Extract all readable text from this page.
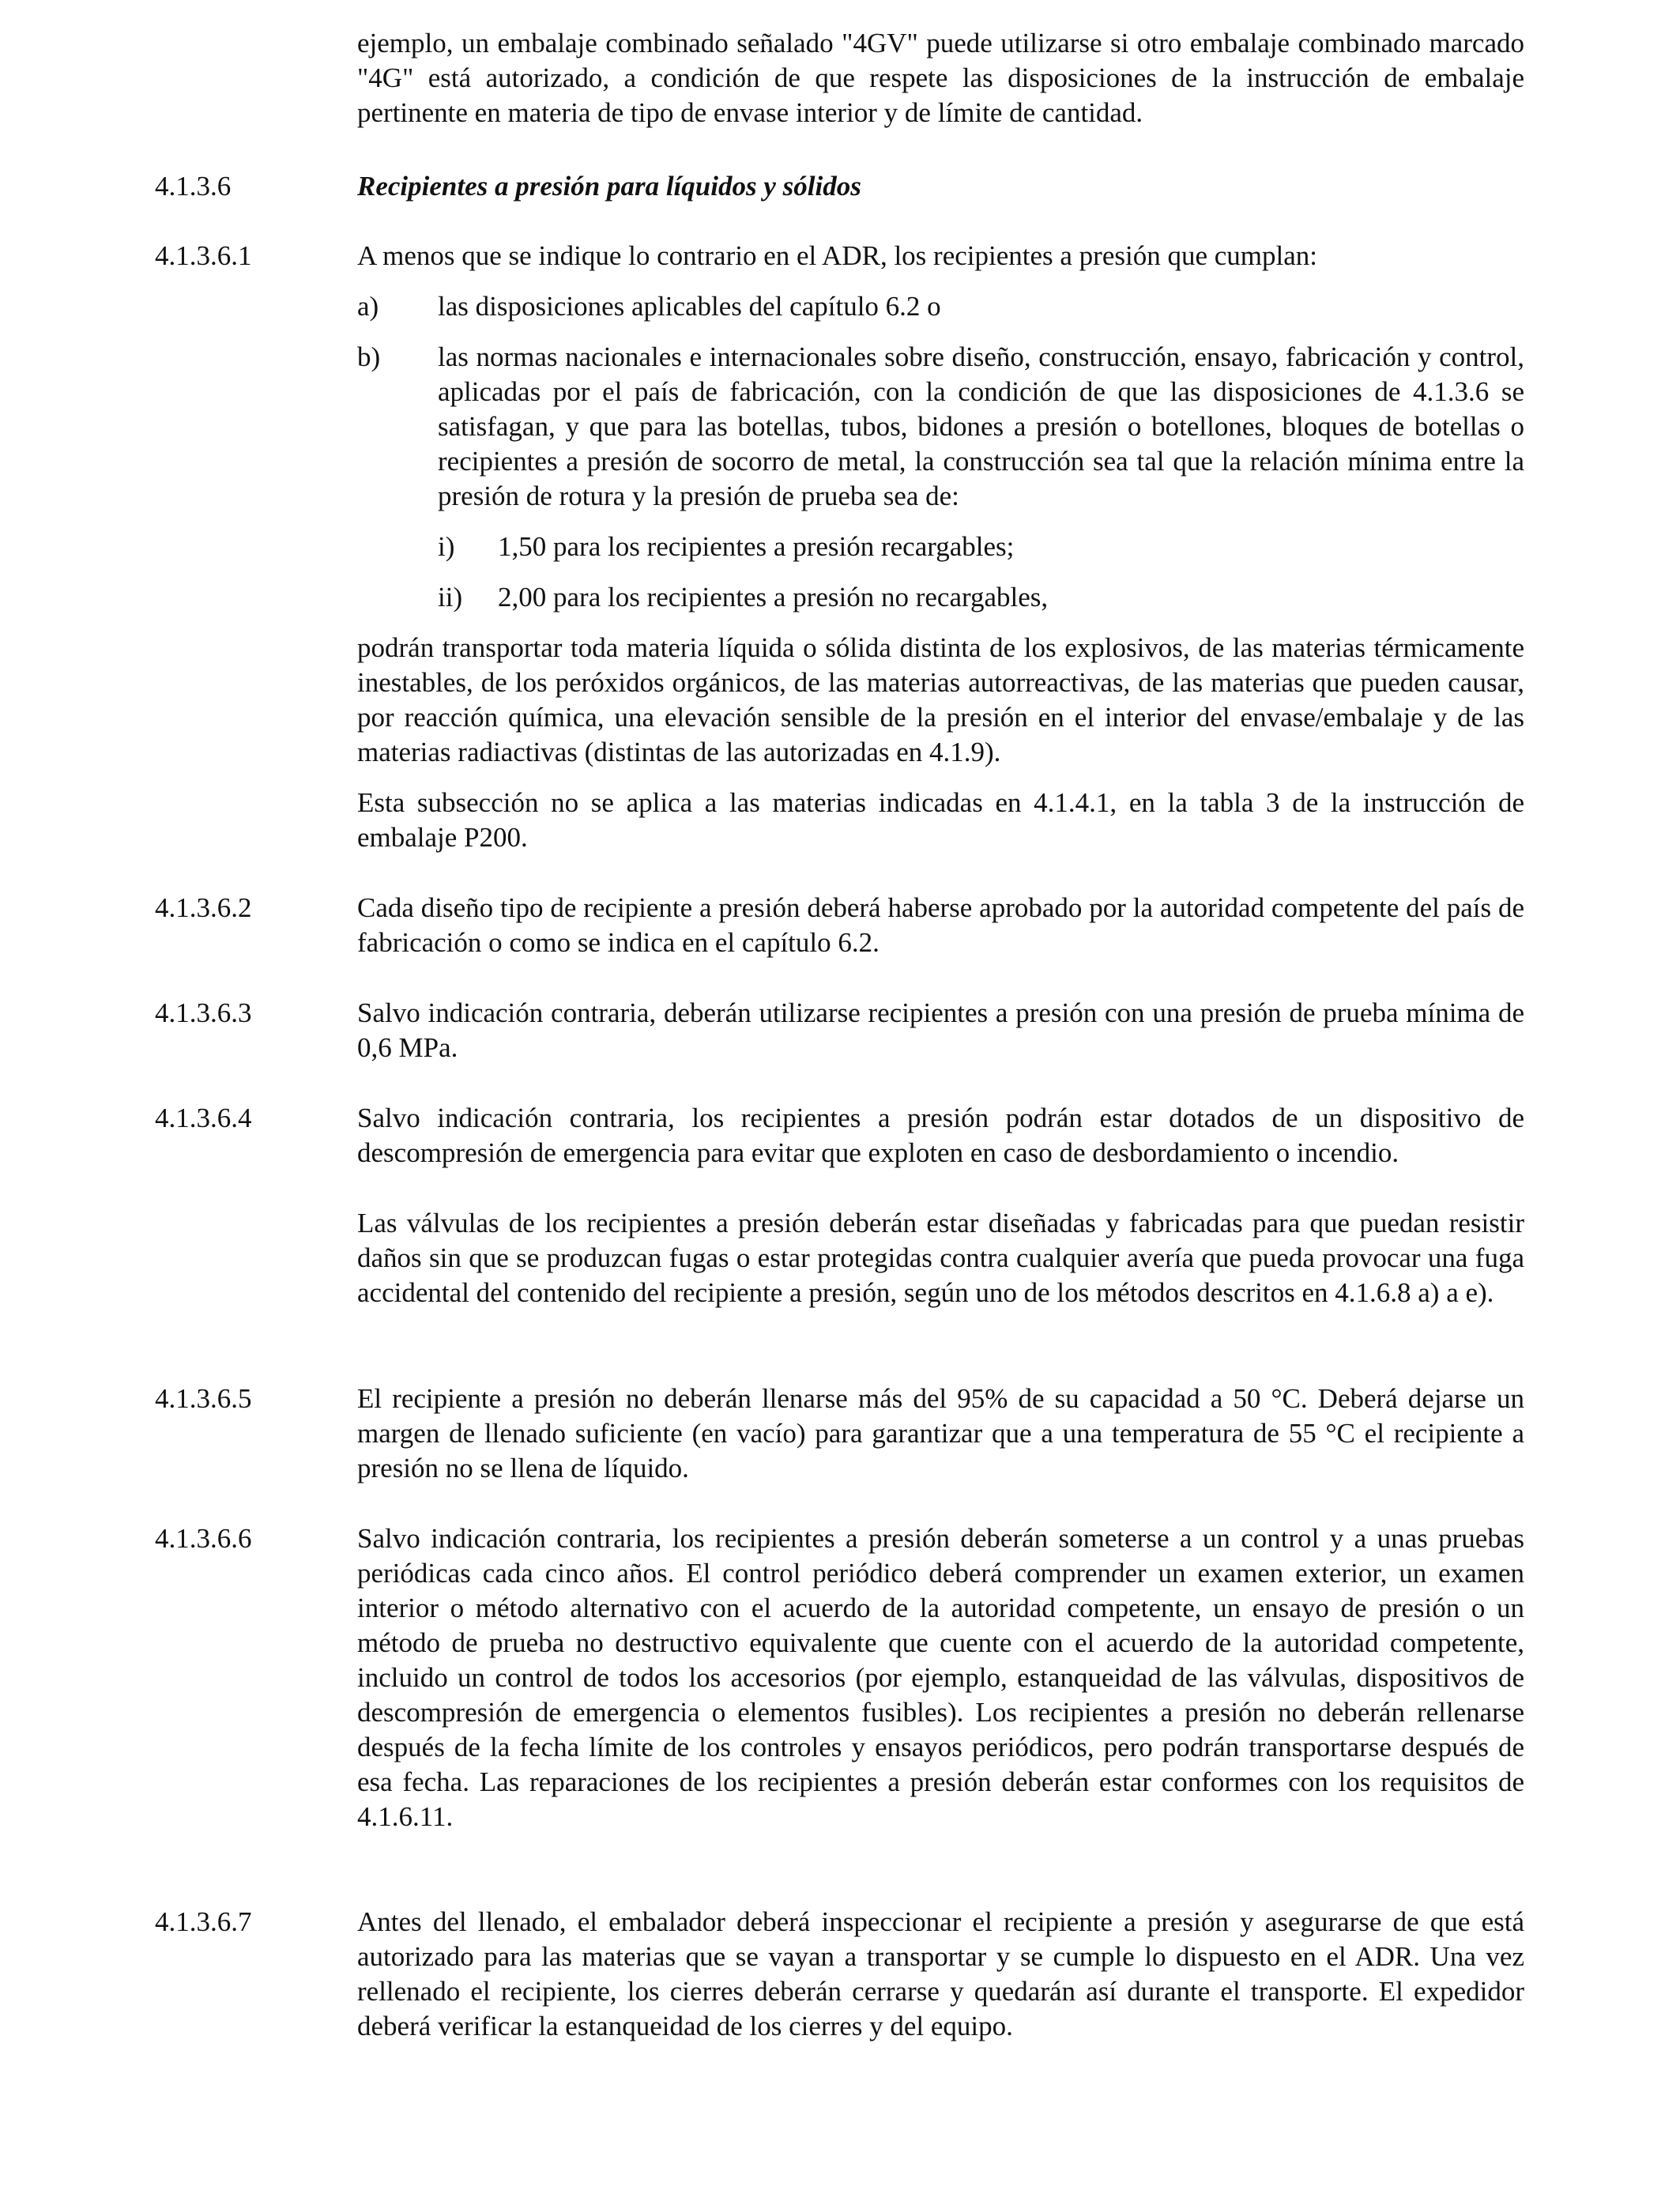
ejemplo, un embalaje combinado señalado "4GV" puede utilizarse si otro embalaje combinado marcado "4G" está autorizado, a condición de que respete las disposiciones de la instrucción de embalaje pertinente en materia de tipo de envase interior y de límite de cantidad.

4.1.3.6	Recipientes a presión para líquidos y sólidos

4.1.3.6.1	A menos que se indique lo contrario en el ADR, los recipientes a presión que cumplan:

a) las disposiciones aplicables del capítulo 6.2 o

b) las normas nacionales e internacionales sobre diseño, construcción, ensayo, fabricación y control, aplicadas por el país de fabricación, con la condición de que las disposiciones de 4.1.3.6 se satisfagan, y que para las botellas, tubos, bidones a presión o botellones, bloques de botellas o recipientes a presión de socorro de metal, la construcción sea tal que la relación mínima entre la presión de rotura y la presión de prueba sea de:

i) 1,50 para los recipientes a presión recargables;

ii) 2,00 para los recipientes a presión no recargables,

podrán transportar toda materia líquida o sólida distinta de los explosivos, de las materias térmicamente inestables, de los peróxidos orgánicos, de las materias autorreactivas, de las materias que pueden causar, por reacción química, una elevación sensible de la presión en el interior del envase/embalaje y de las materias radiactivas (distintas de las autorizadas en 4.1.9).

Esta subsección no se aplica a las materias indicadas en 4.1.4.1, en la tabla 3 de la instrucción de embalaje P200.

4.1.3.6.2	Cada diseño tipo de recipiente a presión deberá haberse aprobado por la autoridad competente del país de fabricación o como se indica en el capítulo 6.2.

4.1.3.6.3	Salvo indicación contraria, deberán utilizarse recipientes a presión con una presión de prueba mínima de 0,6 MPa.

4.1.3.6.4	Salvo indicación contraria, los recipientes a presión podrán estar dotados de un dispositivo de descompresión de emergencia para evitar que exploten en caso de desbordamiento o incendio.

Las válvulas de los recipientes a presión deberán estar diseñadas y fabricadas para que puedan resistir daños sin que se produzcan fugas o estar protegidas contra cualquier avería que pueda provocar una fuga accidental del contenido del recipiente a presión, según uno de los métodos descritos en 4.1.6.8 a) a e).

4.1.3.6.5	El recipiente a presión no deberán llenarse más del 95% de su capacidad a 50 °C. Deberá dejarse un margen de llenado suficiente (en vacío) para garantizar que a una temperatura de 55 °C el recipiente a presión no se llena de líquido.

4.1.3.6.6	Salvo indicación contraria, los recipientes a presión deberán someterse a un control y a unas pruebas periódicas cada cinco años. El control periódico deberá comprender un examen exterior, un examen interior o método alternativo con el acuerdo de la autoridad competente, un ensayo de presión o un método de prueba no destructivo equivalente que cuente con el acuerdo de la autoridad competente, incluido un control de todos los accesorios (por ejemplo, estanqueidad de las válvulas, dispositivos de descompresión de emergencia o elementos fusibles). Los recipientes a presión no deberán rellenarse después de la fecha límite de los controles y ensayos periódicos, pero podrán transportarse después de esa fecha. Las reparaciones de los recipientes a presión deberán estar conformes con los requisitos de 4.1.6.11.

4.1.3.6.7	Antes del llenado, el embalador deberá inspeccionar el recipiente a presión y asegurarse de que está autorizado para las materias que se vayan a transportar y se cumple lo dispuesto en el ADR. Una vez rellenado el recipiente, los cierres deberán cerrarse y quedarán así durante el transporte. El expedidor deberá verificar la estanqueidad de los cierres y del equipo.
